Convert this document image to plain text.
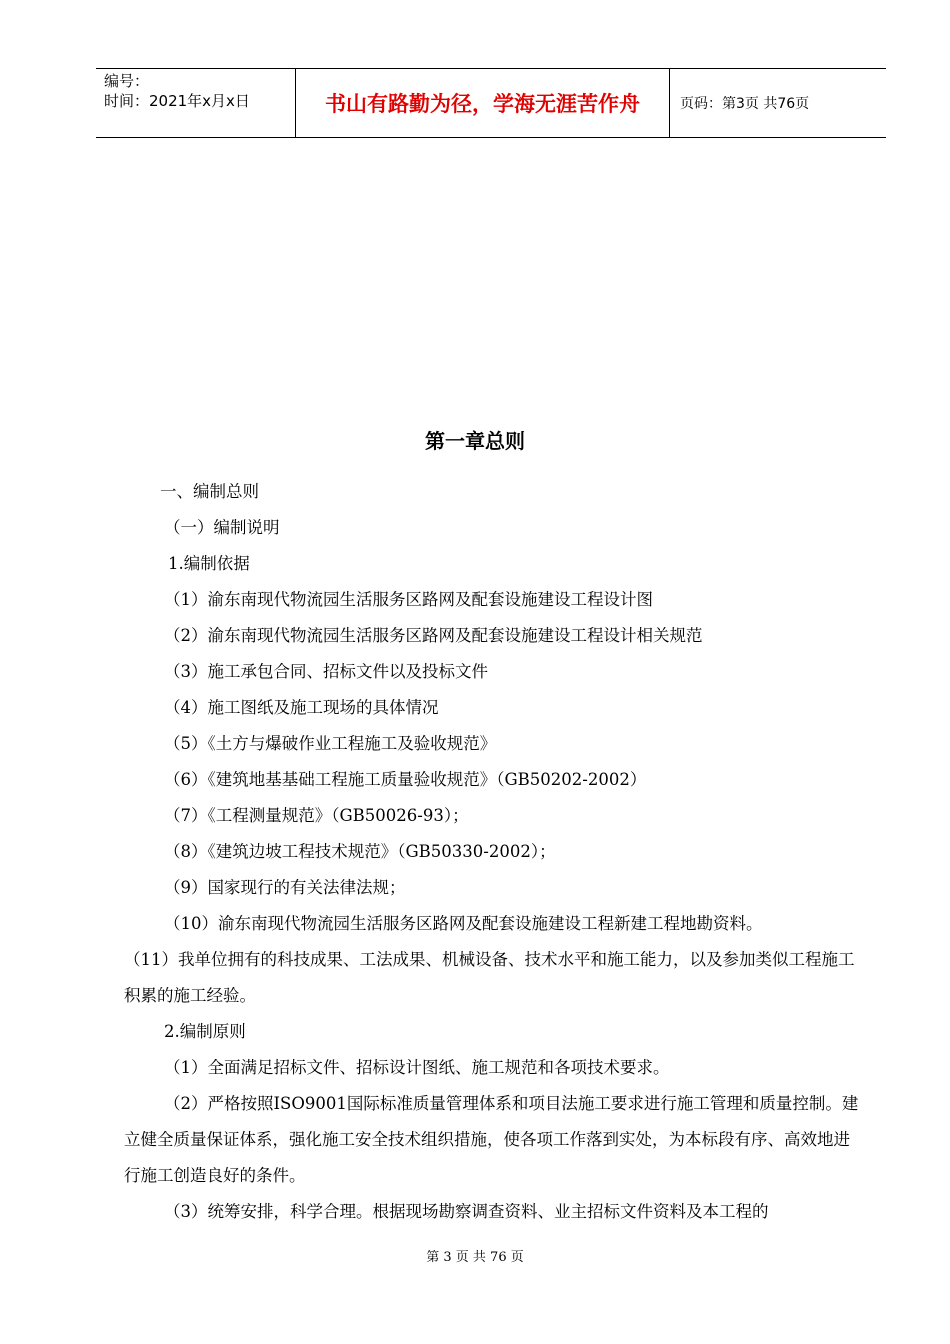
编号：
时间：2021年x月x日	书山有路勤为径，学海无涯苦作舟	页码：第3页 共76页
第一章总则
一、编制总则
（一）编制说明
1.编制依据
（1）渝东南现代物流园生活服务区路网及配套设施建设工程设计图
（2）渝东南现代物流园生活服务区路网及配套设施建设工程设计相关规范
（3）施工承包合同、招标文件以及投标文件
（4）施工图纸及施工现场的具体情况
（5）《土方与爆破作业工程施工及验收规范》
（6）《建筑地基基础工程施工质量验收规范》（GB50202-2002）
（7）《工程测量规范》（GB50026-93）；
（8）《建筑边坡工程技术规范》（GB50330-2002）；
（9）国家现行的有关法律法规；
（10）渝东南现代物流园生活服务区路网及配套设施建设工程新建工程地勘资料。
（11）我单位拥有的科技成果、工法成果、机械设备、技术水平和施工能力，以及参加类似工程施工积累的施工经验。
2.编制原则
（1）全面满足招标文件、招标设计图纸、施工规范和各项技术要求。
（2）严格按照ISO9001国际标准质量管理体系和项目法施工要求进行施工管理和质量控制。建立健全质量保证体系，强化施工安全技术组织措施，使各项工作落到实处，为本标段有序、高效地进行施工创造良好的条件。
（3）统筹安排，科学合理。根据现场勘察调查资料、业主招标文件资料及本工程的
第 3 页 共 76 页
